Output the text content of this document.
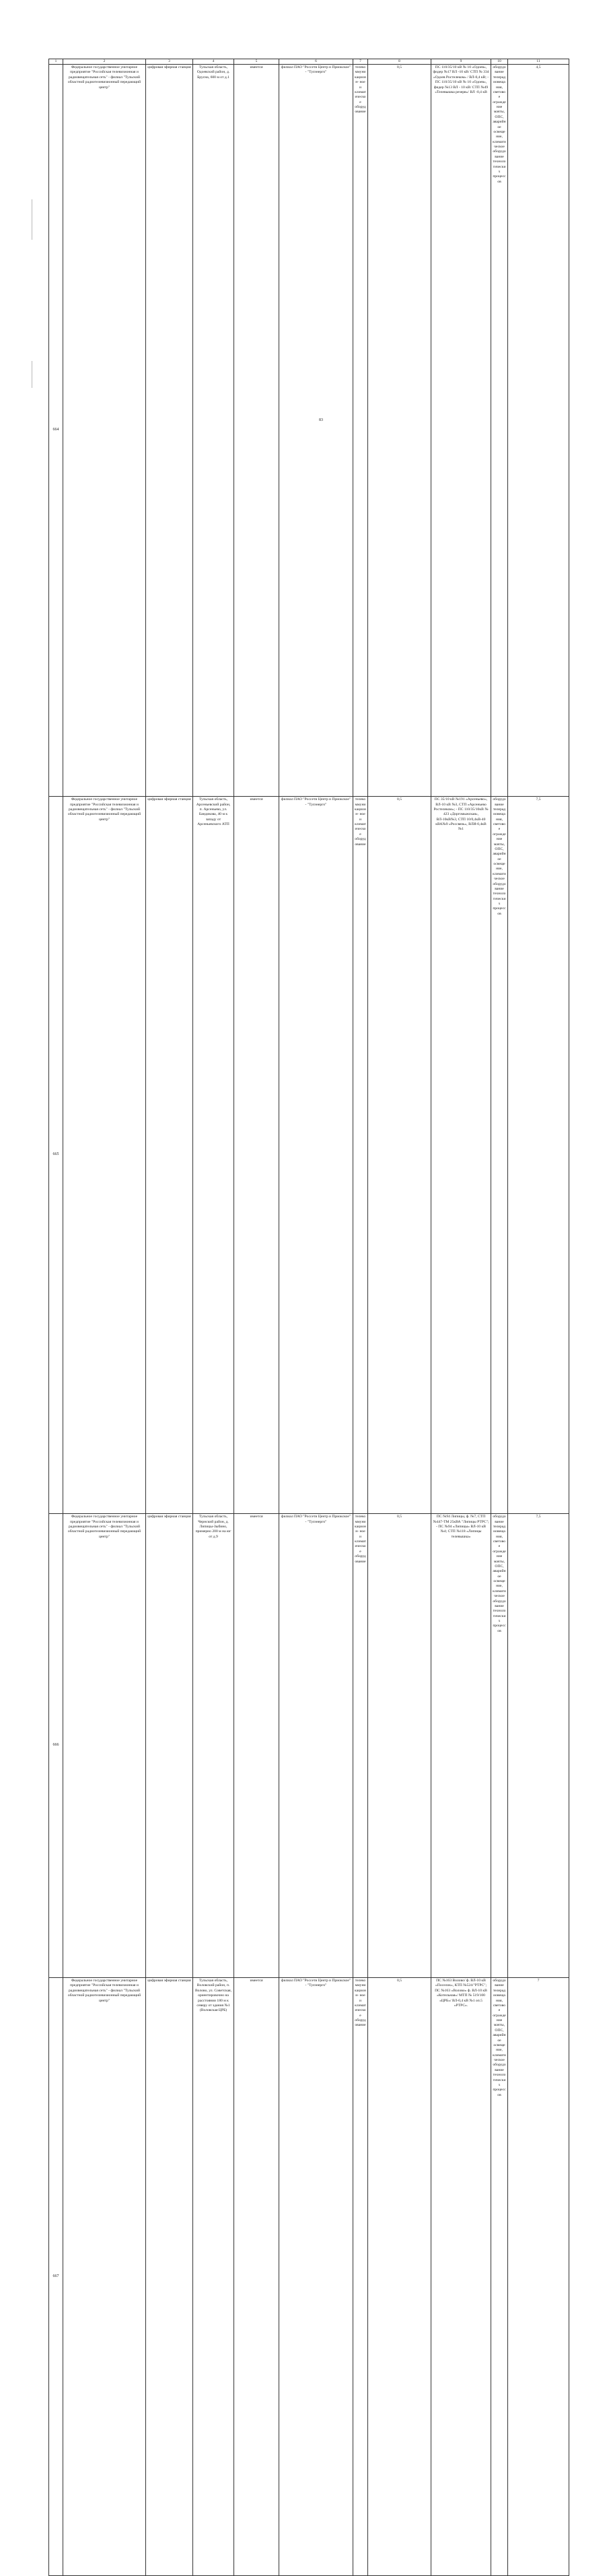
1	2	3	4	5	6	7	8	9	10	11	
664	Федеральное государственное унитарное предприятие "Российская телевизионная и радиовещательная сеть" - филиал "Тульский областной радиотелевизионный передающий центр"	цифровая эфирная станция	Тульская область, Одоевский район, д. Брусна, 600 м от д.1	имеется	филиал ПАО "Россети Центр и Приокскоe" - "Тулэнерго"	телекоммуникационн- ное и климатическое оборудование	0,5	ПС 110/35/10 кВ № 10 «Одоев», фидер №17 ВЛ -10 кВ/ СТП № 334 «Одоев Ростелеком» / ВЛ-0,4 кВ; - ПС 110/35/10 кВ № 10 «Одоев», фидер №13 ВЛ - 10 кВ/ СТП №49 «Телевышка резерв»/ ВЛ -0,4 кВ	оборудование телерадиовещания, световое ограждение мачты, ОПС, аварийное освещение, климатическое оборудование технологических процессов	4,5	
665	Федеральное государственное унитарное предприятие "Российская телевизионная и радиовещательная сеть" - филиал "Тульский областной радиотелевизионный передающий центр"	цифровая эфирная станция	Тульская область, Арсеньевский район, п. Арсеньево, ул. Бандикова, 40 м к западу от Арсеньевского АТП	имеется	филиал ПАО "Россети Центр и Приокскоe" - "Тулэнерго"	телекоммуникационн- ное и климатическое оборудование	0,5	ПС 35/10 кВ №191 «Арсеньево», ВЛ-10 кВ №3, СТП «Арсеньево Ростелеком»; - ПС 110/35/10кВ № 423 «Доргомыжская», ВЛ-10кВ№3, СТП 10/0,4кВ-40 кВА№9 «Россвязь», ВЛИ-0,4кВ №1	оборудование телерадиовещания, световое ограждение мачты, ОПС, аварийное освещение, климатическое оборудование технологических процессов	7,5	
666	Федеральное государственное унитарное предприятие "Российская телевизионная и радиовещательная сеть" - филиал "Тульский областной радиотелевизионный передающий центр"	цифровая эфирная станция	Тульская область, Чернский район, д. Липицы-Зыбино, примерно 200 м на юг от д.9	имеется	филиал ПАО "Россети Центр и Приокскоe" - "Тулэнерго"	телекоммуникационн- ное и климатическое оборудование	0,5	ПС №94 Липицы, ф. №7, СТП №447-ТМ 25кВА "Липицы РТРС"; - ПС №94 «Липицы» ВЛ-10 кВ №4; СТП №118 «Липицы телевышка»	оборудование телерадиовещания, световое ограждение мачты, ОПС, аварийное освещение, климатическое оборудование технологических процессов	7,5	
667	Федеральное государственное унитарное предприятие "Российская телевизионная и радиовещательная сеть" - филиал "Тульский областной радиотелевизионный передающий центр"	цифровая эфирная станция	Тульская область, Воловский район, п. Волово, ул. Советская, ориентировочно на расстоянии 180 м к северу от здания №1 (Воловская ЦРБ)	имеется	филиал ПАО "Россети Центр и Приокскоe" - "Тулэнерго"	телекоммуникационн- ное и климатическое оборудование	0,5	ПС №163 Волово/ ф. ВЛ-10 кВ «Поселок», КТП №524/"РТРС"; ПС №163 «Волово» ф. ВЛ-10 кВ «Котельная»/ МТП № 519/100 «ЦРБ»/ ВЛ-0,4 кВ №1 оп.5 «РТРС».	оборудование телерадиовещания, световое ограждение мачты, ОПС, аварийное освещение, климатическое оборудование технологических процессов	7	
83
